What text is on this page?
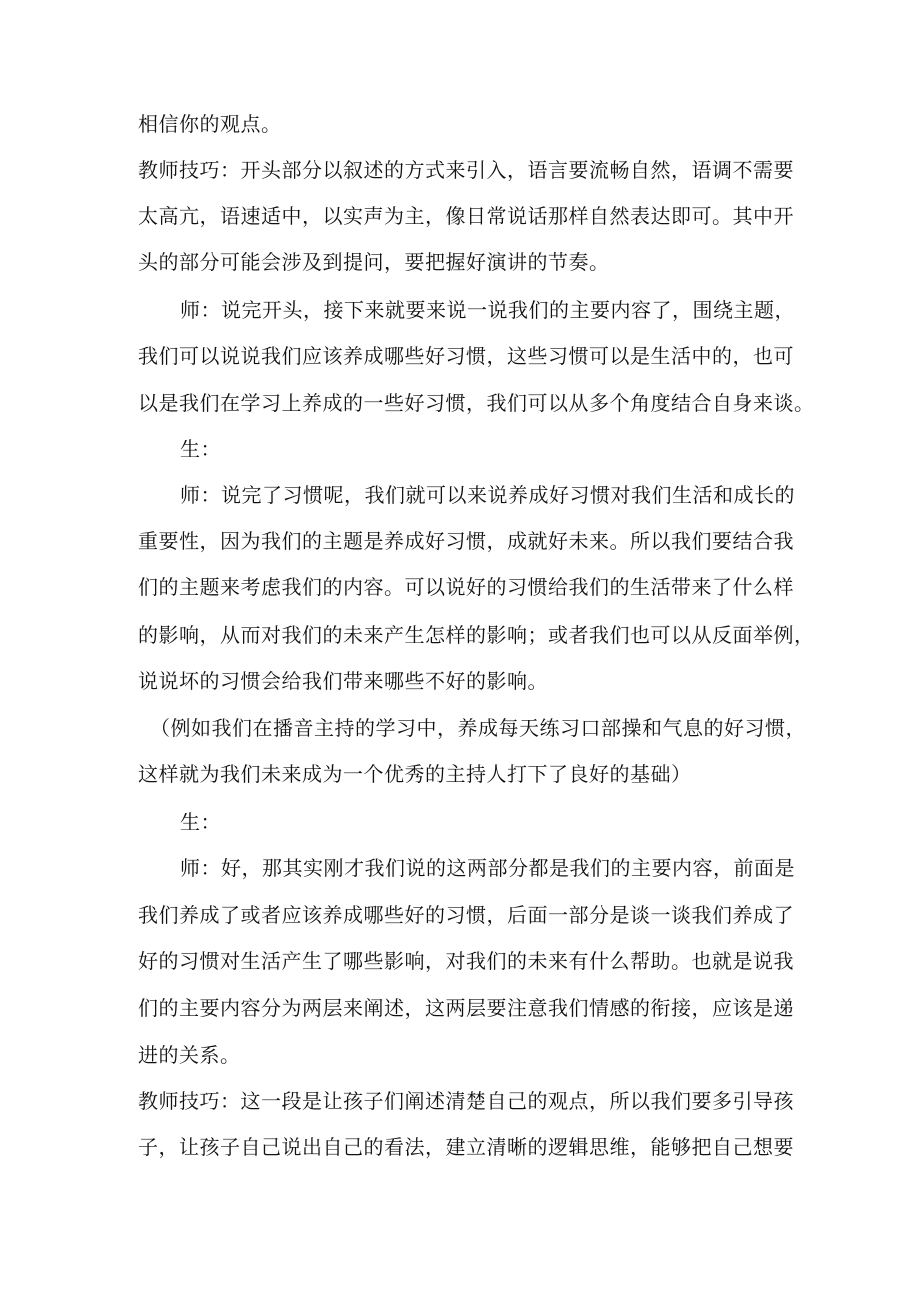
相信你的观点。
教师技巧：开头部分以叙述的方式来引入，语言要流畅自然，语调不需要
太高亢，语速适中，以实声为主，像日常说话那样自然表达即可。其中开
头的部分可能会涉及到提问，要把握好演讲的节奏。
师：说完开头，接下来就要来说一说我们的主要内容了，围绕主题，
我们可以说说我们应该养成哪些好习惯，这些习惯可以是生活中的，也可
以是我们在学习上养成的一些好习惯，我们可以从多个角度结合自身来谈。
生：
师：说完了习惯呢，我们就可以来说养成好习惯对我们生活和成长的
重要性，因为我们的主题是养成好习惯，成就好未来。所以我们要结合我
们的主题来考虑我们的内容。可以说好的习惯给我们的生活带来了什么样
的影响，从而对我们的未来产生怎样的影响；或者我们也可以从反面举例，
说说坏的习惯会给我们带来哪些不好的影响。
（例如我们在播音主持的学习中，养成每天练习口部操和气息的好习惯，
这样就为我们未来成为一个优秀的主持人打下了良好的基础）
生：
师：好，那其实刚才我们说的这两部分都是我们的主要内容，前面是
我们养成了或者应该养成哪些好的习惯，后面一部分是谈一谈我们养成了
好的习惯对生活产生了哪些影响，对我们的未来有什么帮助。也就是说我
们的主要内容分为两层来阐述，这两层要注意我们情感的衔接，应该是递
进的关系。
教师技巧：这一段是让孩子们阐述清楚自己的观点，所以我们要多引导孩
子，让孩子自己说出自己的看法，建立清晰的逻辑思维，能够把自己想要
